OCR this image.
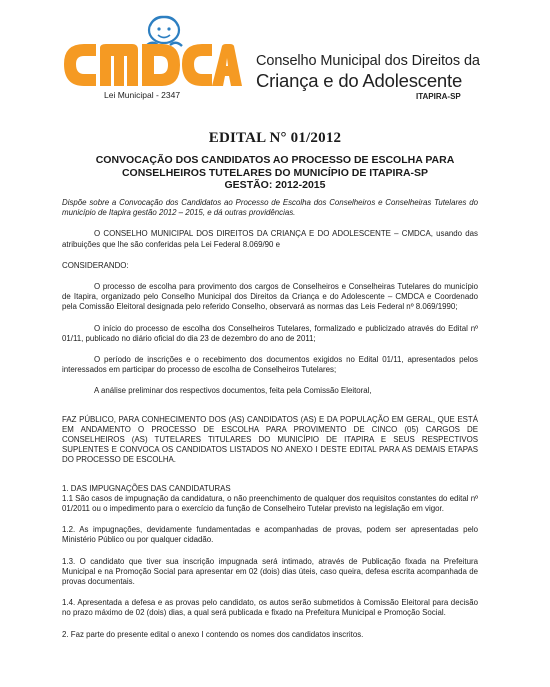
Lei Municipal - 2347
Conselho Municipal dos Direitos da
Criança e do Adolescente
ITAPIRA-SP
EDITAL N° 01/2012
CONVOCAÇÃO DOS CANDIDATOS AO PROCESSO DE ESCOLHA PARA
CONSELHEIROS TUTELARES DO MUNICÍPIO DE ITAPIRA-SP
GESTÃO: 2012-2015

Dispõe sobre a Convocação dos Candidatos ao Processo de Escolha dos Conselheiros e Conselheiras Tutelares do município de Itapira gestão 2012 – 2015, e dá outras providências.

O CONSELHO MUNICIPAL DOS DIREITOS DA CRIANÇA E DO ADOLESCENTE – CMDCA, usando das atribuições que lhe são conferidas pela Lei Federal 8.069/90 e

CONSIDERANDO:

O processo de escolha para provimento dos cargos de Conselheiros e Conselheiras Tutelares do município de Itapira, organizado pelo Conselho Municipal dos Direitos da Criança e do Adolescente – CMDCA e Coordenado pela Comissão Eleitoral designada pelo referido Conselho, observará as normas das Leis Federal nº 8.069/1990;

O início do processo de escolha dos Conselheiros Tutelares, formalizado e publicizado através do Edital nº 01/11, publicado no diário oficial do dia 23 de dezembro do ano de 2011;

O período de inscrições e o recebimento dos documentos exigidos no Edital 01/11, apresentados pelos interessados em participar do processo de escolha de Conselheiros Tutelares;

A análise preliminar dos respectivos documentos, feita pela Comissão Eleitoral,

FAZ PÚBLICO, PARA CONHECIMENTO DOS (AS) CANDIDATOS (AS) E DA POPULAÇÃO EM GERAL, QUE ESTÁ EM ANDAMENTO O PROCESSO DE ESCOLHA PARA PROVIMENTO DE CINCO (05) CARGOS DE CONSELHEIROS (AS) TUTELARES TITULARES DO MUNICÍPIO DE ITAPIRA E SEUS RESPECTIVOS SUPLENTES E CONVOCA OS CANDIDATOS LISTADOS NO ANEXO I DESTE EDITAL PARA AS DEMAIS ETAPAS DO PROCESSO DE ESCOLHA.

1. DAS IMPUGNAÇÕES DAS CANDIDATURAS

1.1 São casos de impugnação da candidatura, o não preenchimento de qualquer dos requisitos constantes do edital nº 01/2011 ou o impedimento para o exercício da função de Conselheiro Tutelar previsto na legislação em vigor.

1.2. As impugnações, devidamente fundamentadas e acompanhadas de provas, podem ser apresentadas pelo Ministério Público ou por qualquer cidadão.

1.3. O candidato que tiver sua inscrição impugnada será intimado, através de Publicação fixada na Prefeitura Municipal e na Promoção Social para apresentar em 02 (dois) dias úteis, caso queira, defesa escrita acompanhada de provas documentais.

1.4. Apresentada a defesa e as provas pelo candidato, os autos serão submetidos à Comissão Eleitoral para decisão no prazo máximo de 02 (dois) dias, a qual será publicada e fixado na Prefeitura Municipal e Promoção Social.

2. Faz parte do presente edital o anexo I contendo os nomes dos candidatos inscritos.
